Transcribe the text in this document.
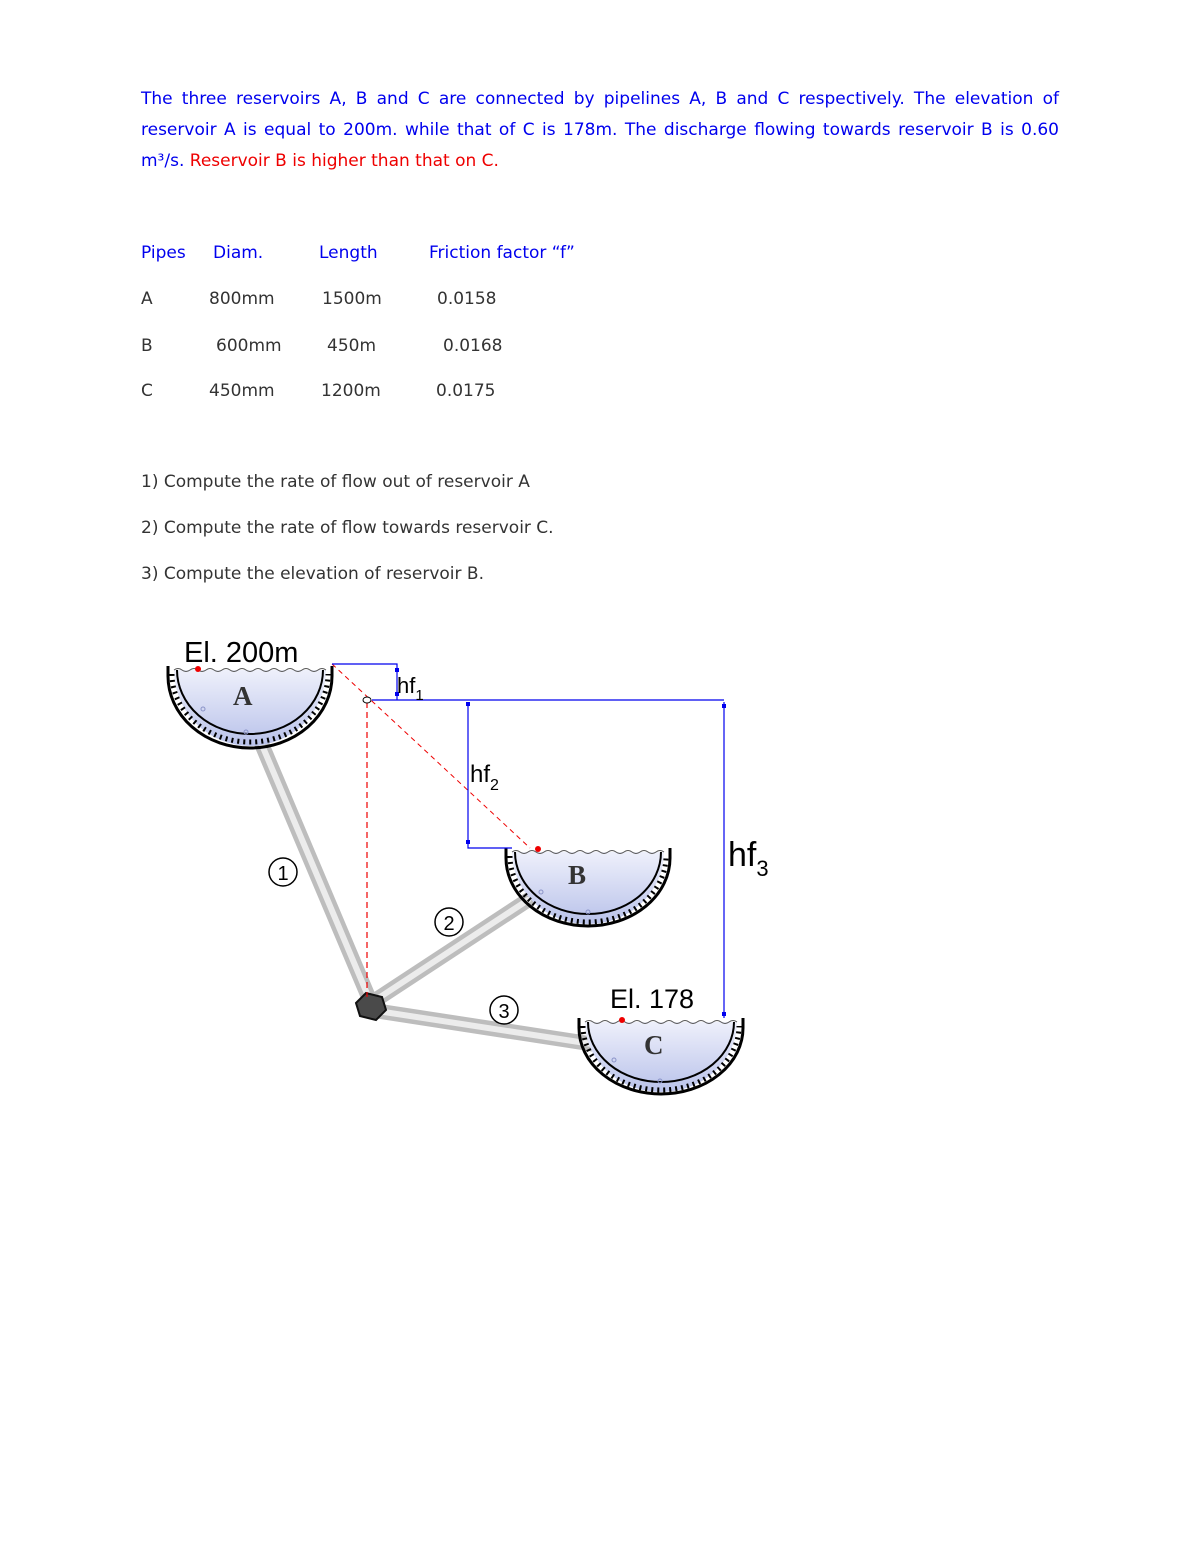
The three reservoirs A, B and C are connected by pipelines A, B and C respectively. The elevation of reservoir A is equal to 200m. while that of C is 178m. The discharge flowing towards reservoir B is 0.60 m³/s. Reservoir B is higher than that on C.
Pipes Diam.	Length	Friction factor “f”
A	800mm	1500m	0.0158
B	600mm	450m	0.0168
C	450mm	1200m	0.0175
1) Compute the rate of flow out of reservoir A
2) Compute the rate of flow towards reservoir C.
3) Compute the elevation of reservoir B.
El. 200m
A
B
C
El. 178
$hf_1$
$hf_2$
$hf_3$
1
2
3
